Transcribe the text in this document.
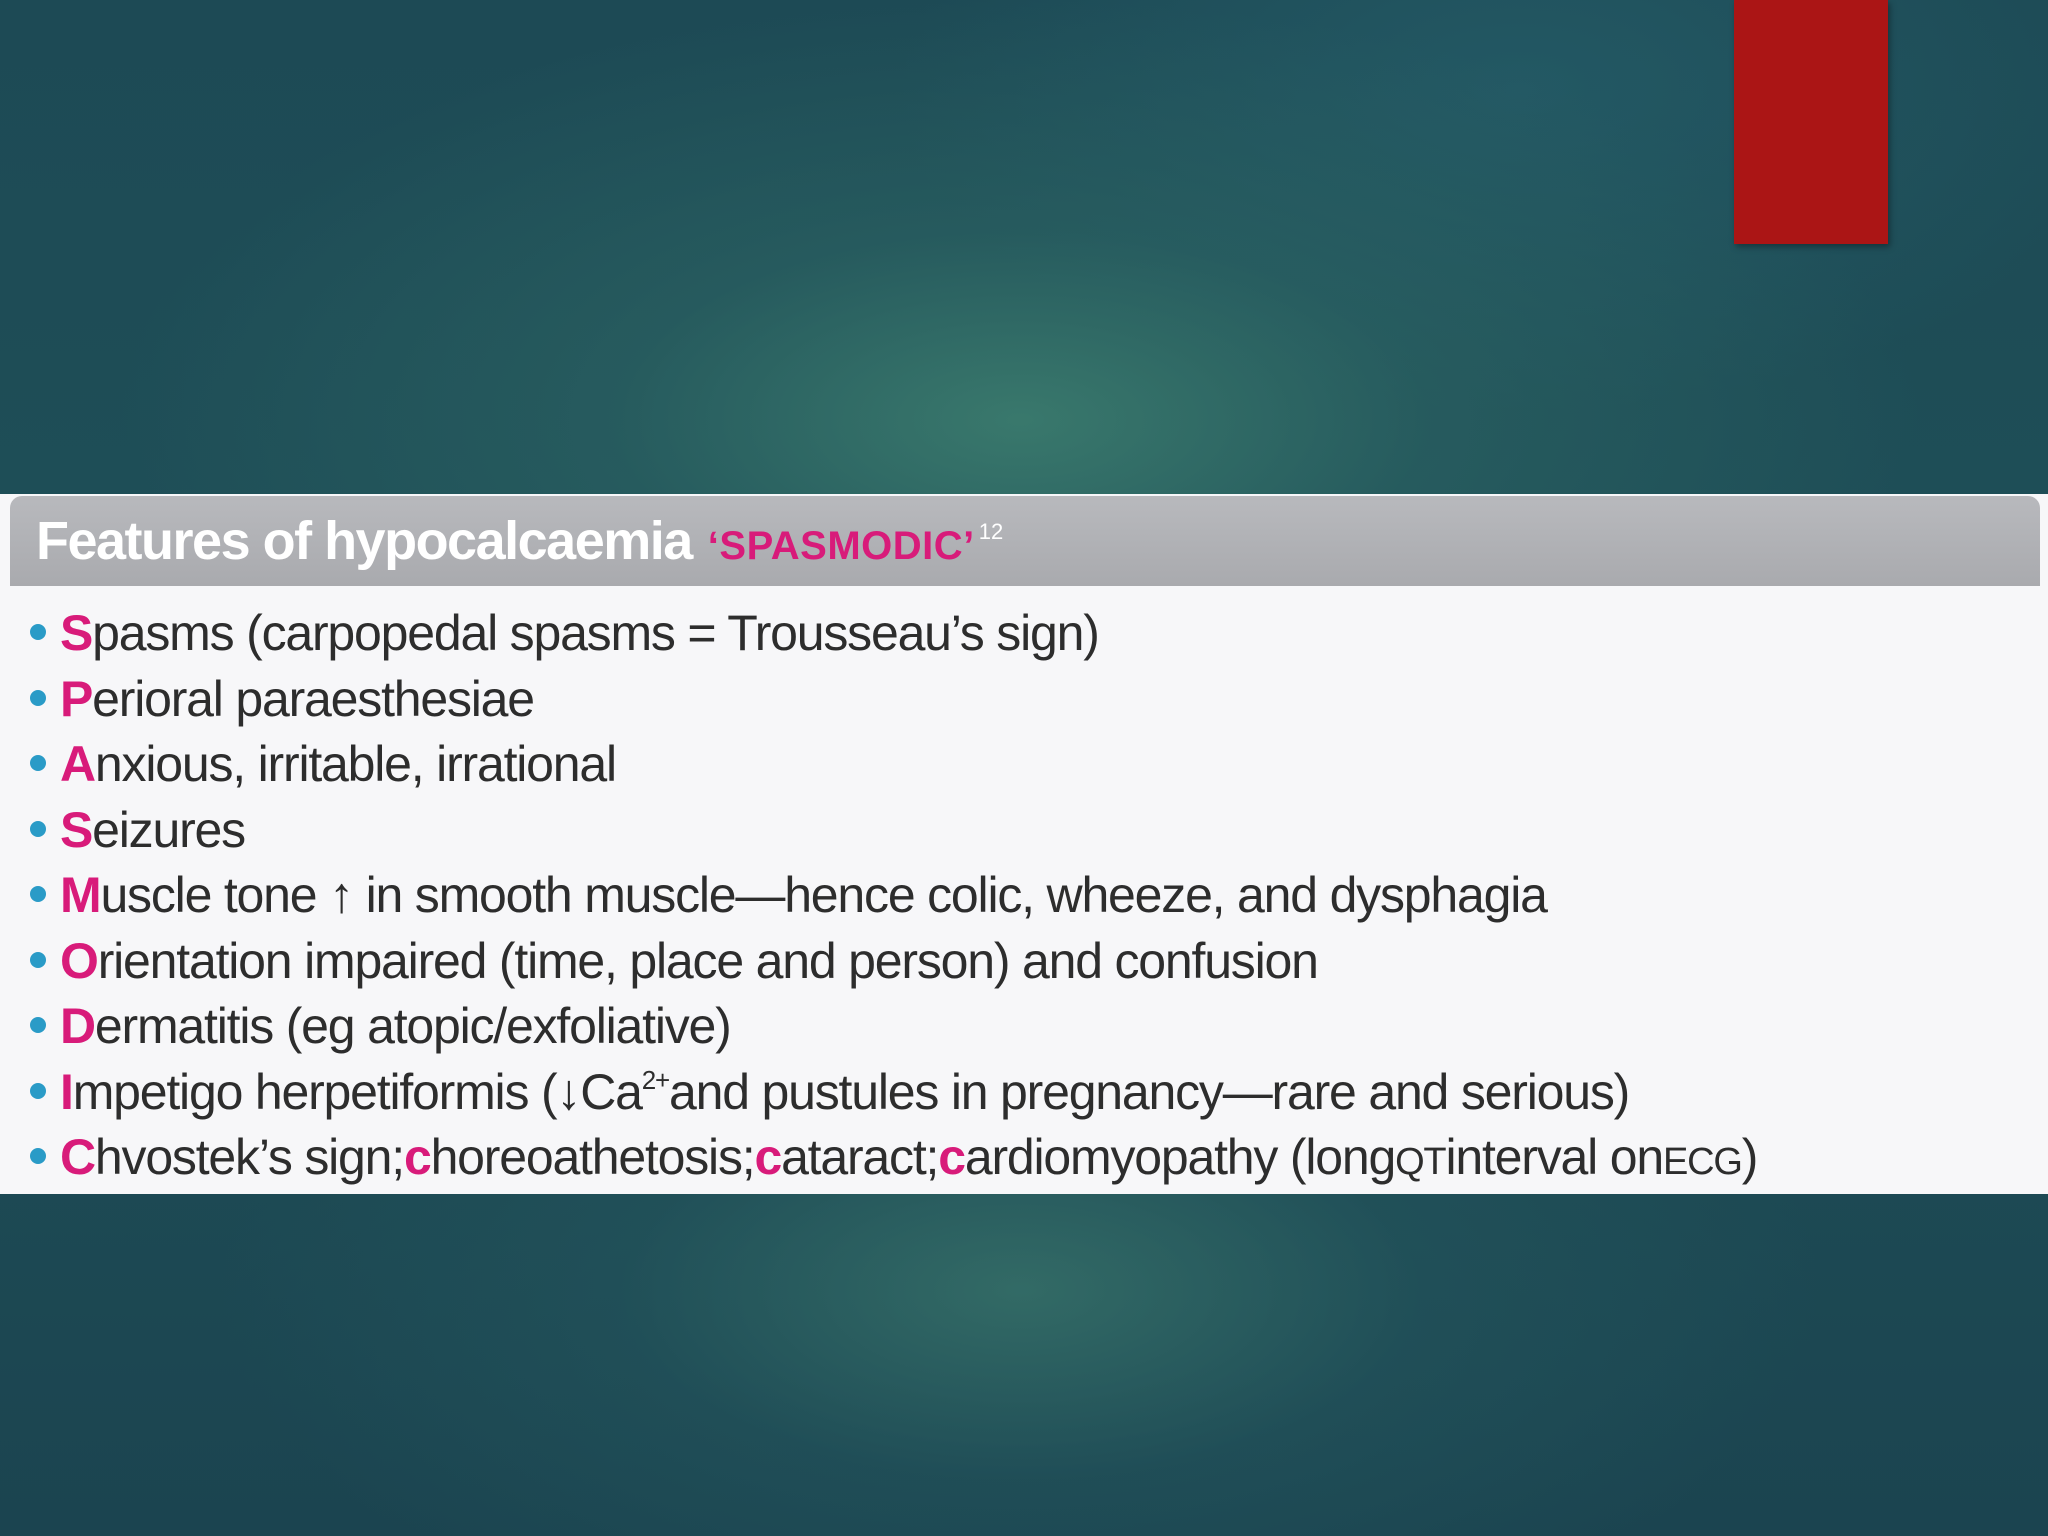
Features of hypocalcaemia ‘SPASMODIC’ 12
S pasms (carpopedal spasms = Trousseau’s sign)
P erioral paraesthesiae
A nxious, irritable, irrational
S eizures
M uscle tone ↑ in smooth muscle—hence colic, wheeze, and dysphagia
O rientation impaired (time, place and person) and confusion
D ermatitis (eg atopic/exfoliative)
I mpetigo herpetiformis (↓Ca 2+ and pustules in pregnancy—rare and serious)
C hvostek’s sign; c horeoathetosis; c ataract; c ardiomyopathy (long QT interval on ECG )
